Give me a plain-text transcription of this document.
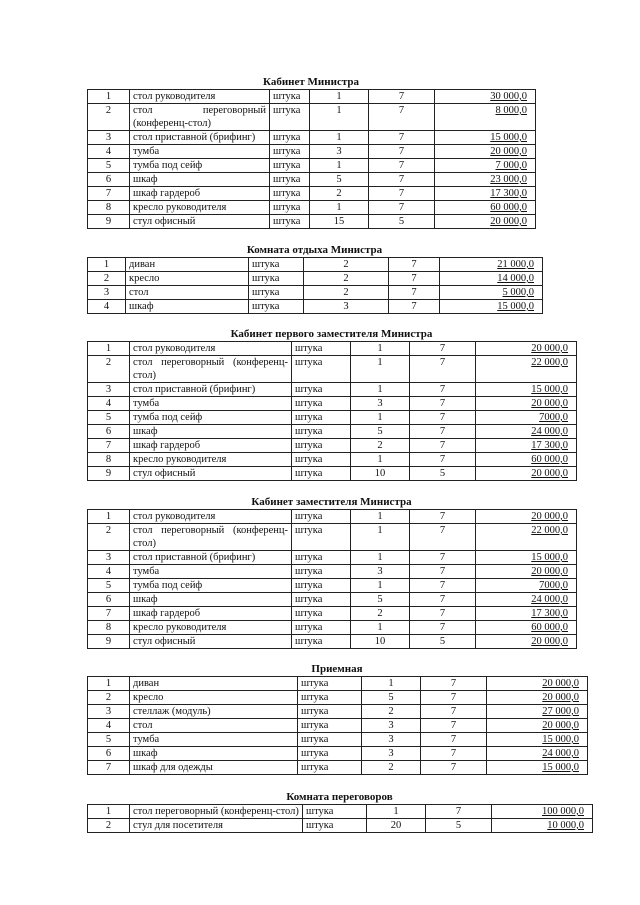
Кабинет Министра
1	стол руководителя	штука	1	7	30 000,0
2	стол переговорный (конференц-стол)	штука	1	7	8 000,0
3	стол приставной (брифинг)	штука	1	7	15 000,0
4	тумба	штука	3	7	20 000,0
5	тумба под сейф	штука	1	7	7 000,0
6	шкаф	штука	5	7	23 000,0
7	шкаф гардероб	штука	2	7	17 300,0
8	кресло руководителя	штука	1	7	60 000,0
9	стул офисный	штука	15	5	20 000,0
Комната отдыха Министра
1	диван	штука	2	7	21 000,0
2	кресло	штука	2	7	14 000,0
3	стол	штука	2	7	5 000,0
4	шкаф	штука	3	7	15 000,0
Кабинет первого заместителя Министра
1	стол руководителя	штука	1	7	20 000,0
2	стол переговорный (конференц-стол)	штука	1	7	22 000,0
3	стол приставной (брифинг)	штука	1	7	15 000,0
4	тумба	штука	3	7	20 000,0
5	тумба под сейф	штука	1	7	7000,0
6	шкаф	штука	5	7	24 000,0
7	шкаф гардероб	штука	2	7	17 300,0
8	кресло руководителя	штука	1	7	60 000,0
9	стул офисный	штука	10	5	20 000,0
Кабинет заместителя Министра
1	стол руководителя	штука	1	7	20 000,0
2	стол переговорный (конференц-стол)	штука	1	7	22 000,0
3	стол приставной (брифинг)	штука	1	7	15 000,0
4	тумба	штука	3	7	20 000,0
5	тумба под сейф	штука	1	7	7000,0
6	шкаф	штука	5	7	24 000,0
7	шкаф гардероб	штука	2	7	17 300,0
8	кресло руководителя	штука	1	7	60 000,0
9	стул офисный	штука	10	5	20 000,0
Приемная
1	диван	штука	1	7	20 000,0
2	кресло	штука	5	7	20 000,0
3	стеллаж (модуль)	штука	2	7	27 000,0
4	стол	штука	3	7	20 000,0
5	тумба	штука	3	7	15 000,0
6	шкаф	штука	3	7	24 000,0
7	шкаф для одежды	штука	2	7	15 000,0
Комната переговоров
1	стол переговорный (конференц-стол)	штука	1	7	100 000,0
2	стул для посетителя	штука	20	5	10 000,0
